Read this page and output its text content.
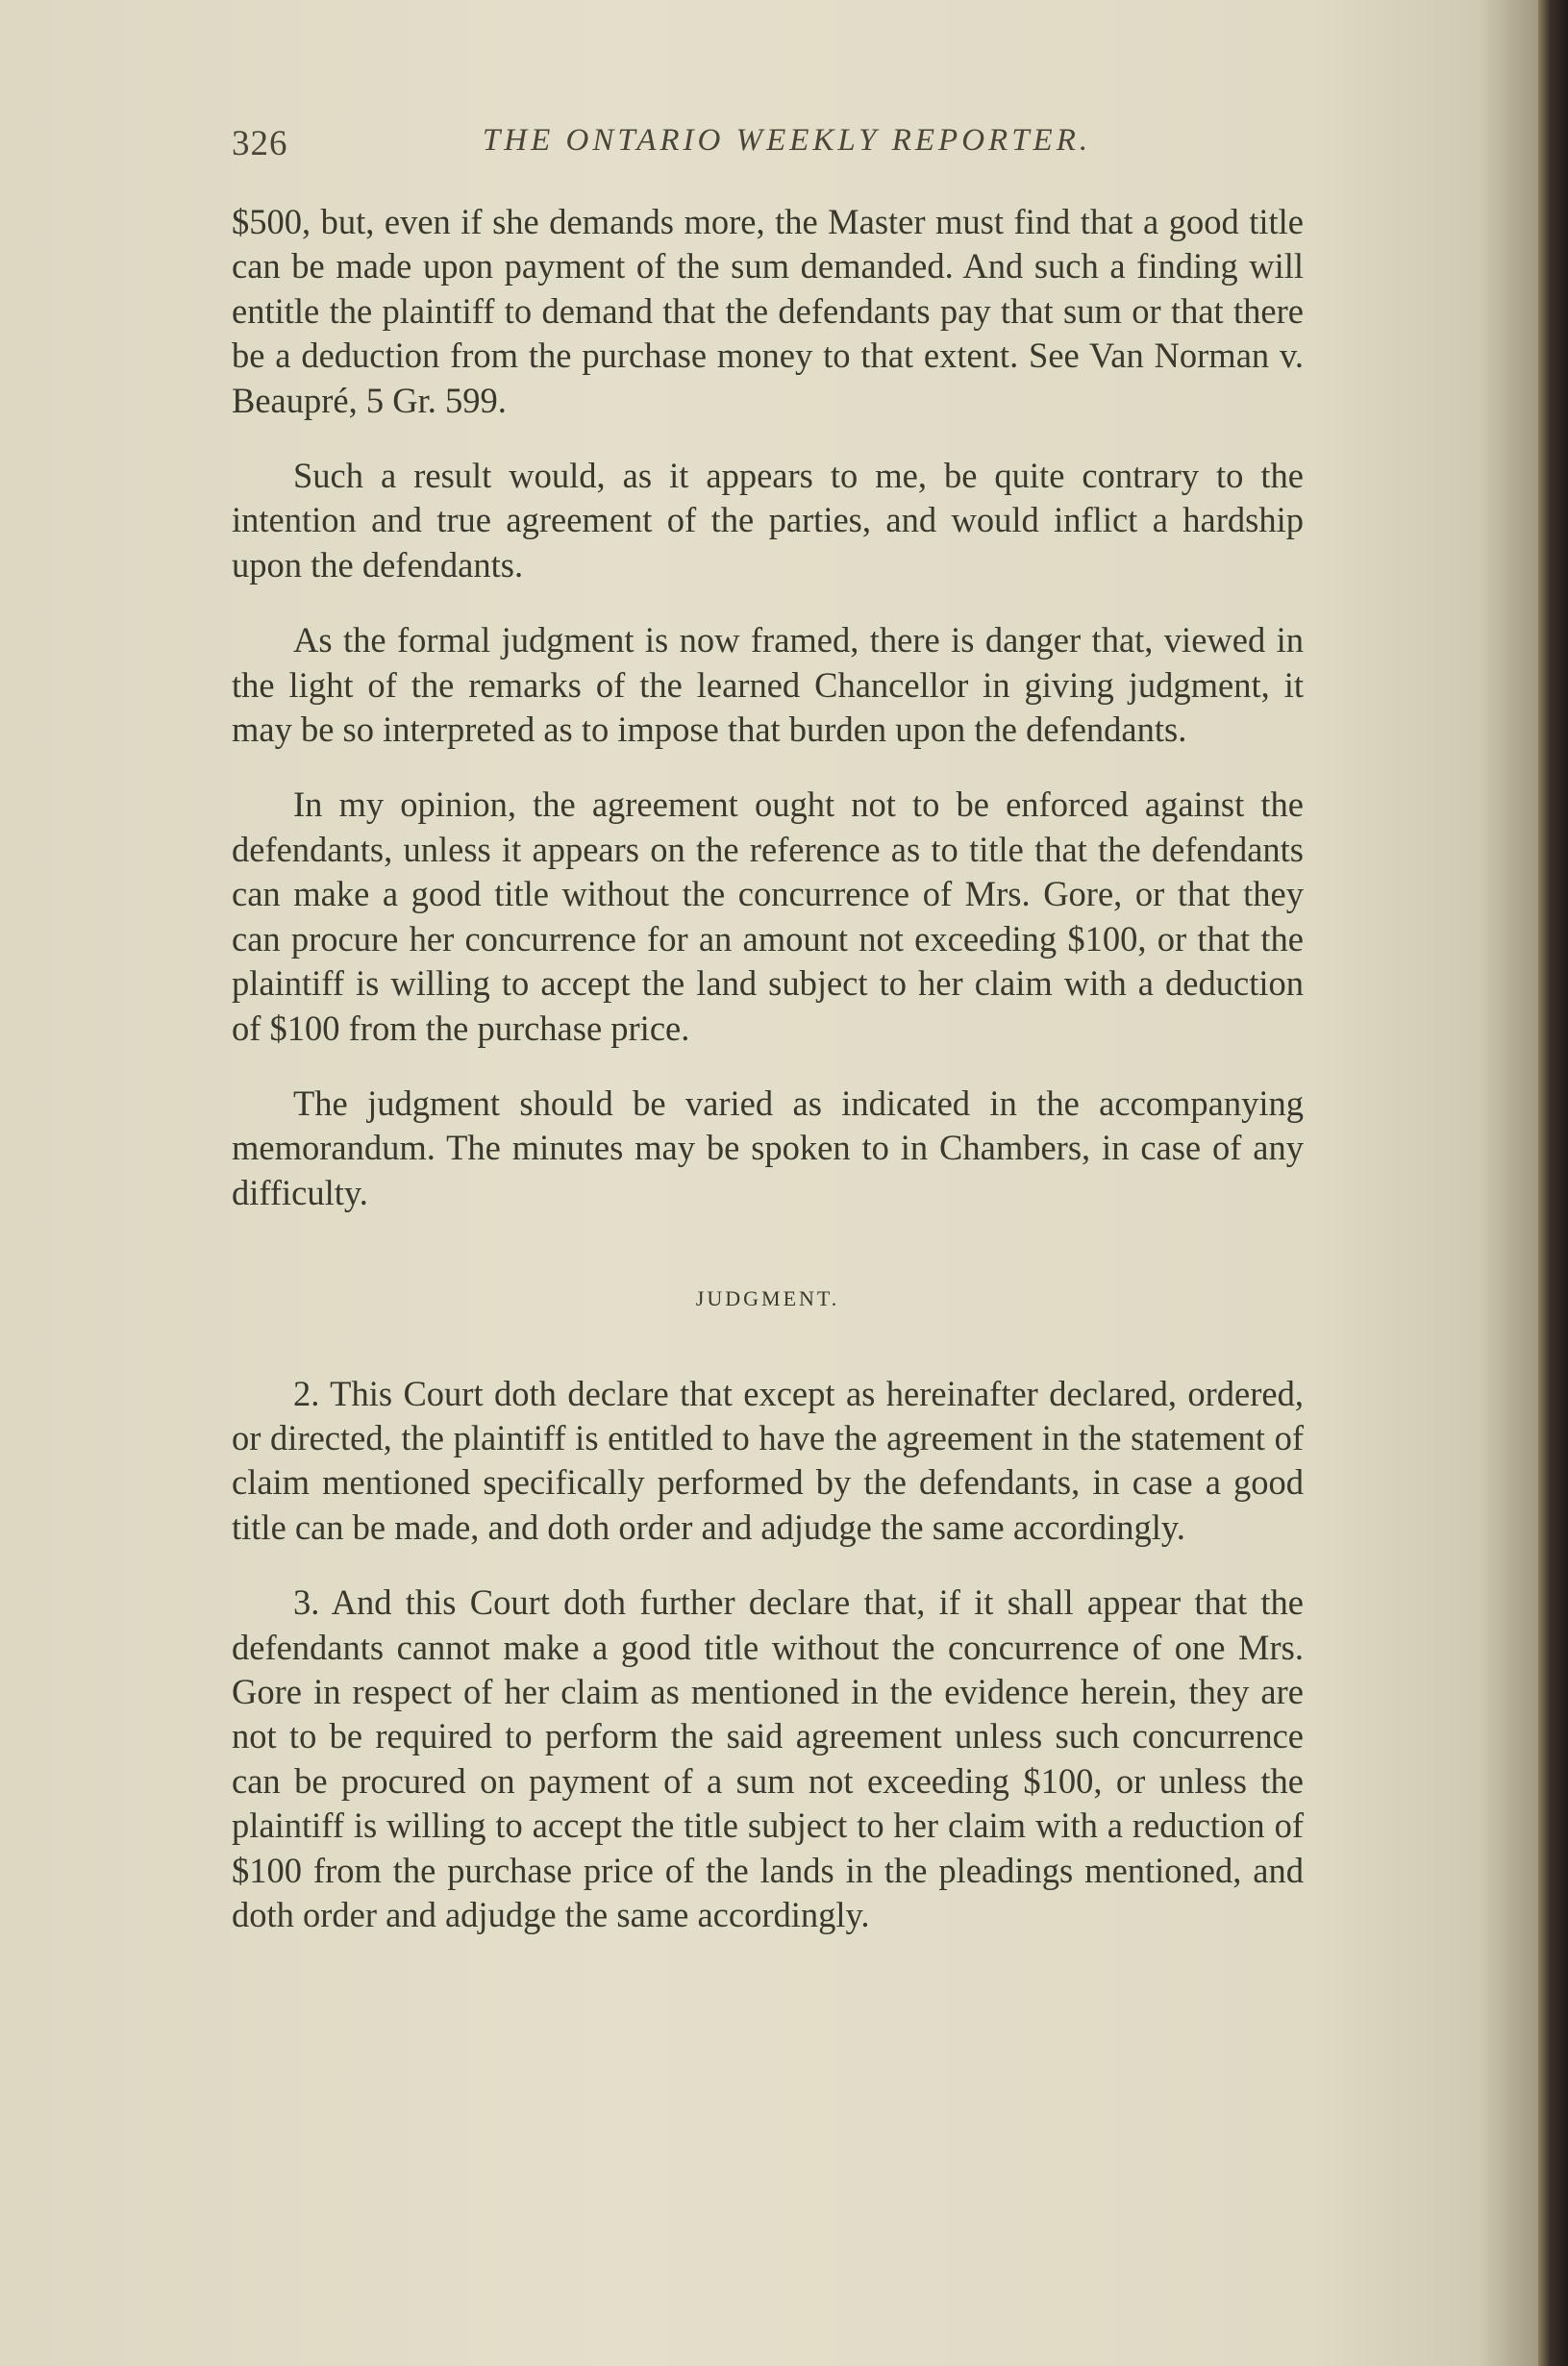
326	THE ONTARIO WEEKLY REPORTER.

$500, but, even if she demands more, the Master must find that a good title can be made upon payment of the sum demanded. And such a finding will entitle the plaintiff to demand that the defendants pay that sum or that there be a deduction from the purchase money to that extent. See Van Norman v. Beaupré, 5 Gr. 599.

Such a result would, as it appears to me, be quite contrary to the intention and true agreement of the parties, and would inflict a hardship upon the defendants.

As the formal judgment is now framed, there is danger that, viewed in the light of the remarks of the learned Chancellor in giving judgment, it may be so interpreted as to impose that burden upon the defendants.

In my opinion, the agreement ought not to be enforced against the defendants, unless it appears on the reference as to title that the defendants can make a good title without the concurrence of Mrs. Gore, or that they can procure her concurrence for an amount not exceeding $100, or that the plaintiff is willing to accept the land subject to her claim with a deduction of $100 from the purchase price.

The judgment should be varied as indicated in the accompanying memorandum. The minutes may be spoken to in Chambers, in case of any difficulty.

JUDGMENT.

2. This Court doth declare that except as hereinafter declared, ordered, or directed, the plaintiff is entitled to have the agreement in the statement of claim mentioned specifically performed by the defendants, in case a good title can be made, and doth order and adjudge the same accordingly.

3. And this Court doth further declare that, if it shall appear that the defendants cannot make a good title without the concurrence of one Mrs. Gore in respect of her claim as mentioned in the evidence herein, they are not to be required to perform the said agreement unless such concurrence can be procured on payment of a sum not exceeding $100, or unless the plaintiff is willing to accept the title subject to her claim with a reduction of $100 from the purchase price of the lands in the pleadings mentioned, and doth order and adjudge the same accordingly.
